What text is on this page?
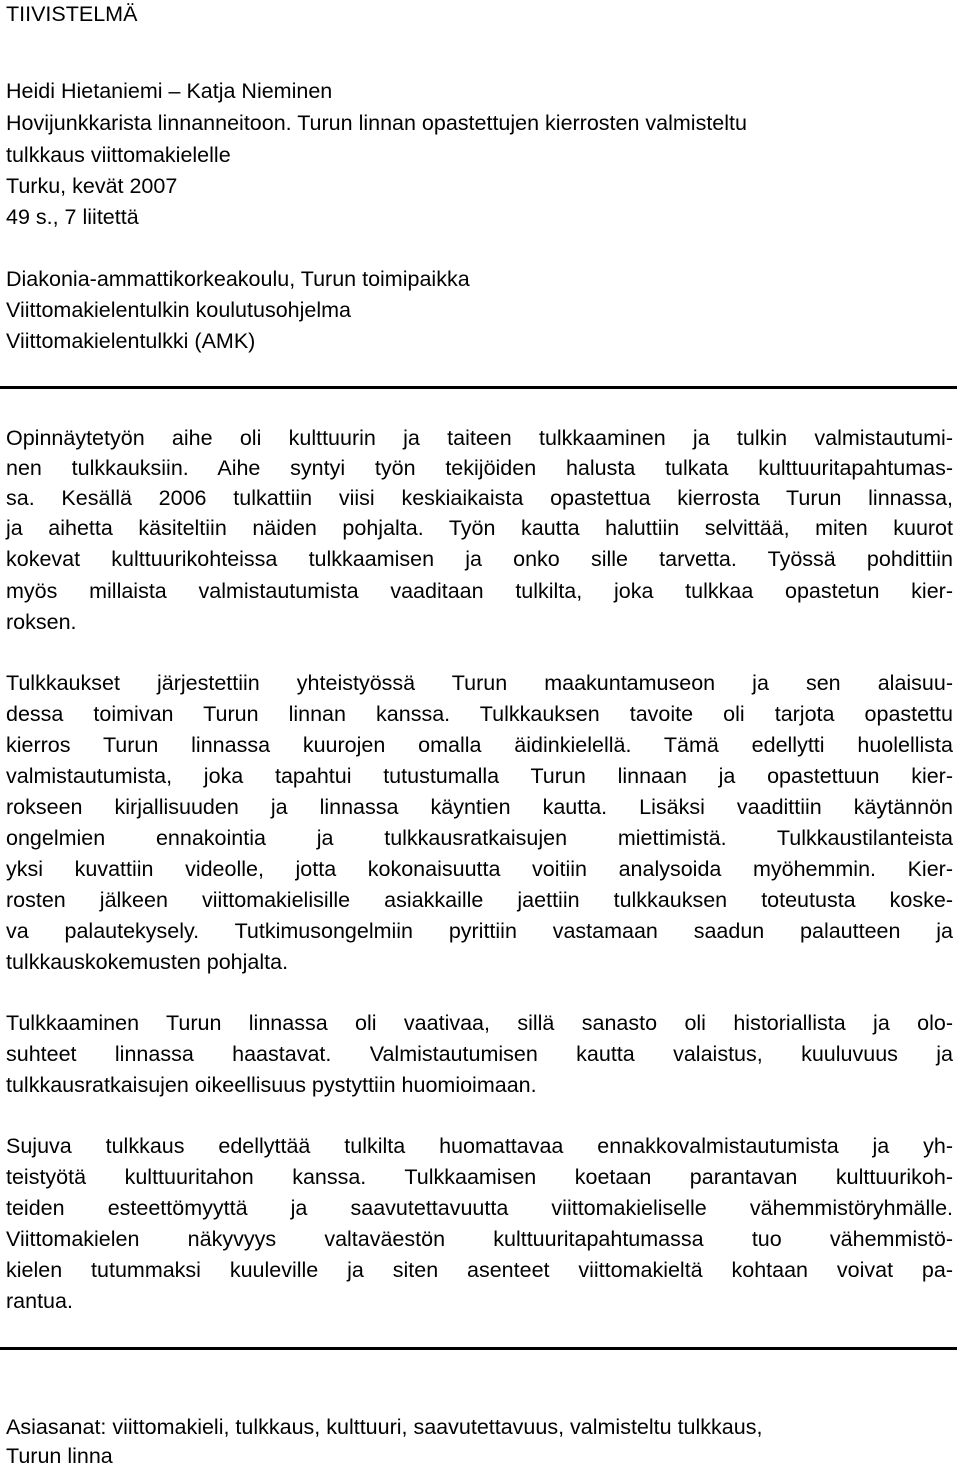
TIIVISTELMÄ
Heidi Hietaniemi – Katja Nieminen
Hovijunkkarista linnanneitoon. Turun linnan opastettujen kierrosten valmisteltu
tulkkaus viittomakielelle
Turku, kevät 2007
49 s., 7 liitettä
Diakonia-ammattikorkeakoulu, Turun toimipaikka
Viittomakielentulkin koulutusohjelma
Viittomakielentulkki (AMK)
Opinnäytetyön aihe oli kulttuurin ja taiteen tulkkaaminen ja tulkin valmistautumi-
nen tulkkauksiin. Aihe syntyi työn tekijöiden halusta tulkata kulttuuritapahtumas-
sa. Kesällä 2006 tulkattiin viisi keskiaikaista opastettua kierrosta Turun linnassa,
ja aihetta käsiteltiin näiden pohjalta. Työn kautta haluttiin selvittää, miten kuurot
kokevat kulttuurikohteissa tulkkaamisen ja onko sille tarvetta. Työssä pohdittiin
myös millaista valmistautumista vaaditaan tulkilta, joka tulkkaa opastetun kier-
roksen.
Tulkkaukset järjestettiin yhteistyössä Turun maakuntamuseon ja sen alaisuu-
dessa toimivan Turun linnan kanssa. Tulkkauksen tavoite oli tarjota opastettu
kierros Turun linnassa kuurojen omalla äidinkielellä. Tämä edellytti huolellista
valmistautumista, joka tapahtui tutustumalla Turun linnaan ja opastettuun kier-
rokseen kirjallisuuden ja linnassa käyntien kautta. Lisäksi vaadittiin käytännön
ongelmien ennakointia ja tulkkausratkaisujen miettimistä. Tulkkaustilanteista
yksi kuvattiin videolle, jotta kokonaisuutta voitiin analysoida myöhemmin. Kier-
rosten jälkeen viittomakielisille asiakkaille jaettiin tulkkauksen toteutusta koske-
va palautekysely. Tutkimusongelmiin pyrittiin vastamaan saadun palautteen ja
tulkkauskokemusten pohjalta.
Tulkkaaminen Turun linnassa oli vaativaa, sillä sanasto oli historiallista ja olo-
suhteet linnassa haastavat. Valmistautumisen kautta valaistus, kuuluvuus ja
tulkkausratkaisujen oikeellisuus pystyttiin huomioimaan.
Sujuva tulkkaus edellyttää tulkilta huomattavaa ennakkovalmistautumista ja yh-
teistyötä kulttuuritahon kanssa. Tulkkaamisen koetaan parantavan kulttuurikoh-
teiden esteettömyyttä ja saavutettavuutta viittomakieliselle vähemmistöryhmälle.
Viittomakielen näkyvyys valtaväestön kulttuuritapahtumassa tuo vähemmistö-
kielen tutummaksi kuuleville ja siten asenteet viittomakieltä kohtaan voivat pa-
rantua.
Asiasanat: viittomakieli, tulkkaus, kulttuuri, saavutettavuus, valmisteltu tulkkaus,
Turun linna
